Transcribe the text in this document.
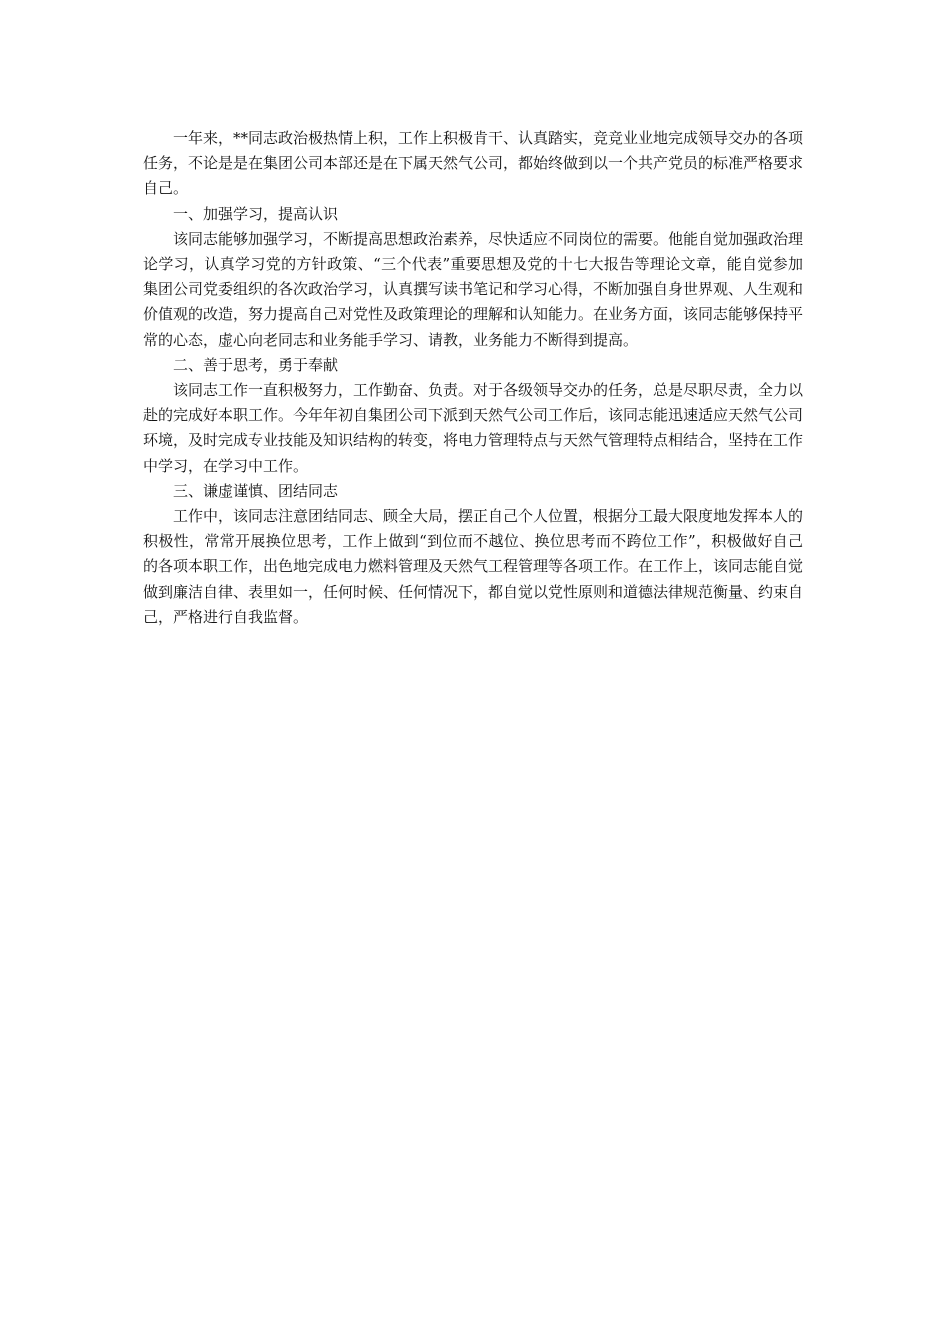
一年来，**同志政治极热情上积，工作上积极肯干、认真踏实，竞竞业业地完成领导交办的各项任务，不论是是在集团公司本部还是在下属天然气公司，都始终做到以一个共产党员的标准严格要求自己。

一、加强学习，提高认识

该同志能够加强学习，不断提高思想政治素养，尽快适应不同岗位的需要。他能自觉加强政治理论学习，认真学习党的方针政策、“三个代表”重要思想及党的十七大报告等理论文章，能自觉参加集团公司党委组织的各次政治学习，认真撰写读书笔记和学习心得，不断加强自身世界观、人生观和价值观的改造，努力提高自己对党性及政策理论的理解和认知能力。在业务方面，该同志能够保持平常的心态，虚心向老同志和业务能手学习、请教，业务能力不断得到提高。

二、善于思考，勇于奉献

该同志工作一直积极努力，工作勤奋、负责。对于各级领导交办的任务，总是尽职尽责，全力以赴的完成好本职工作。今年年初自集团公司下派到天然气公司工作后，该同志能迅速适应天然气公司环境，及时完成专业技能及知识结构的转变，将电力管理特点与天然气管理特点相结合，坚持在工作中学习，在学习中工作。

三、谦虚谨慎、团结同志

工作中，该同志注意团结同志、顾全大局，摆正自己个人位置，根据分工最大限度地发挥本人的积极性，常常开展换位思考，工作上做到“到位而不越位、换位思考而不跨位工作”，积极做好自己的各项本职工作，出色地完成电力燃料管理及天然气工程管理等各项工作。在工作上，该同志能自觉做到廉洁自律、表里如一，任何时候、任何情况下，都自觉以党性原则和道德法律规范衡量、约束自己，严格进行自我监督。
